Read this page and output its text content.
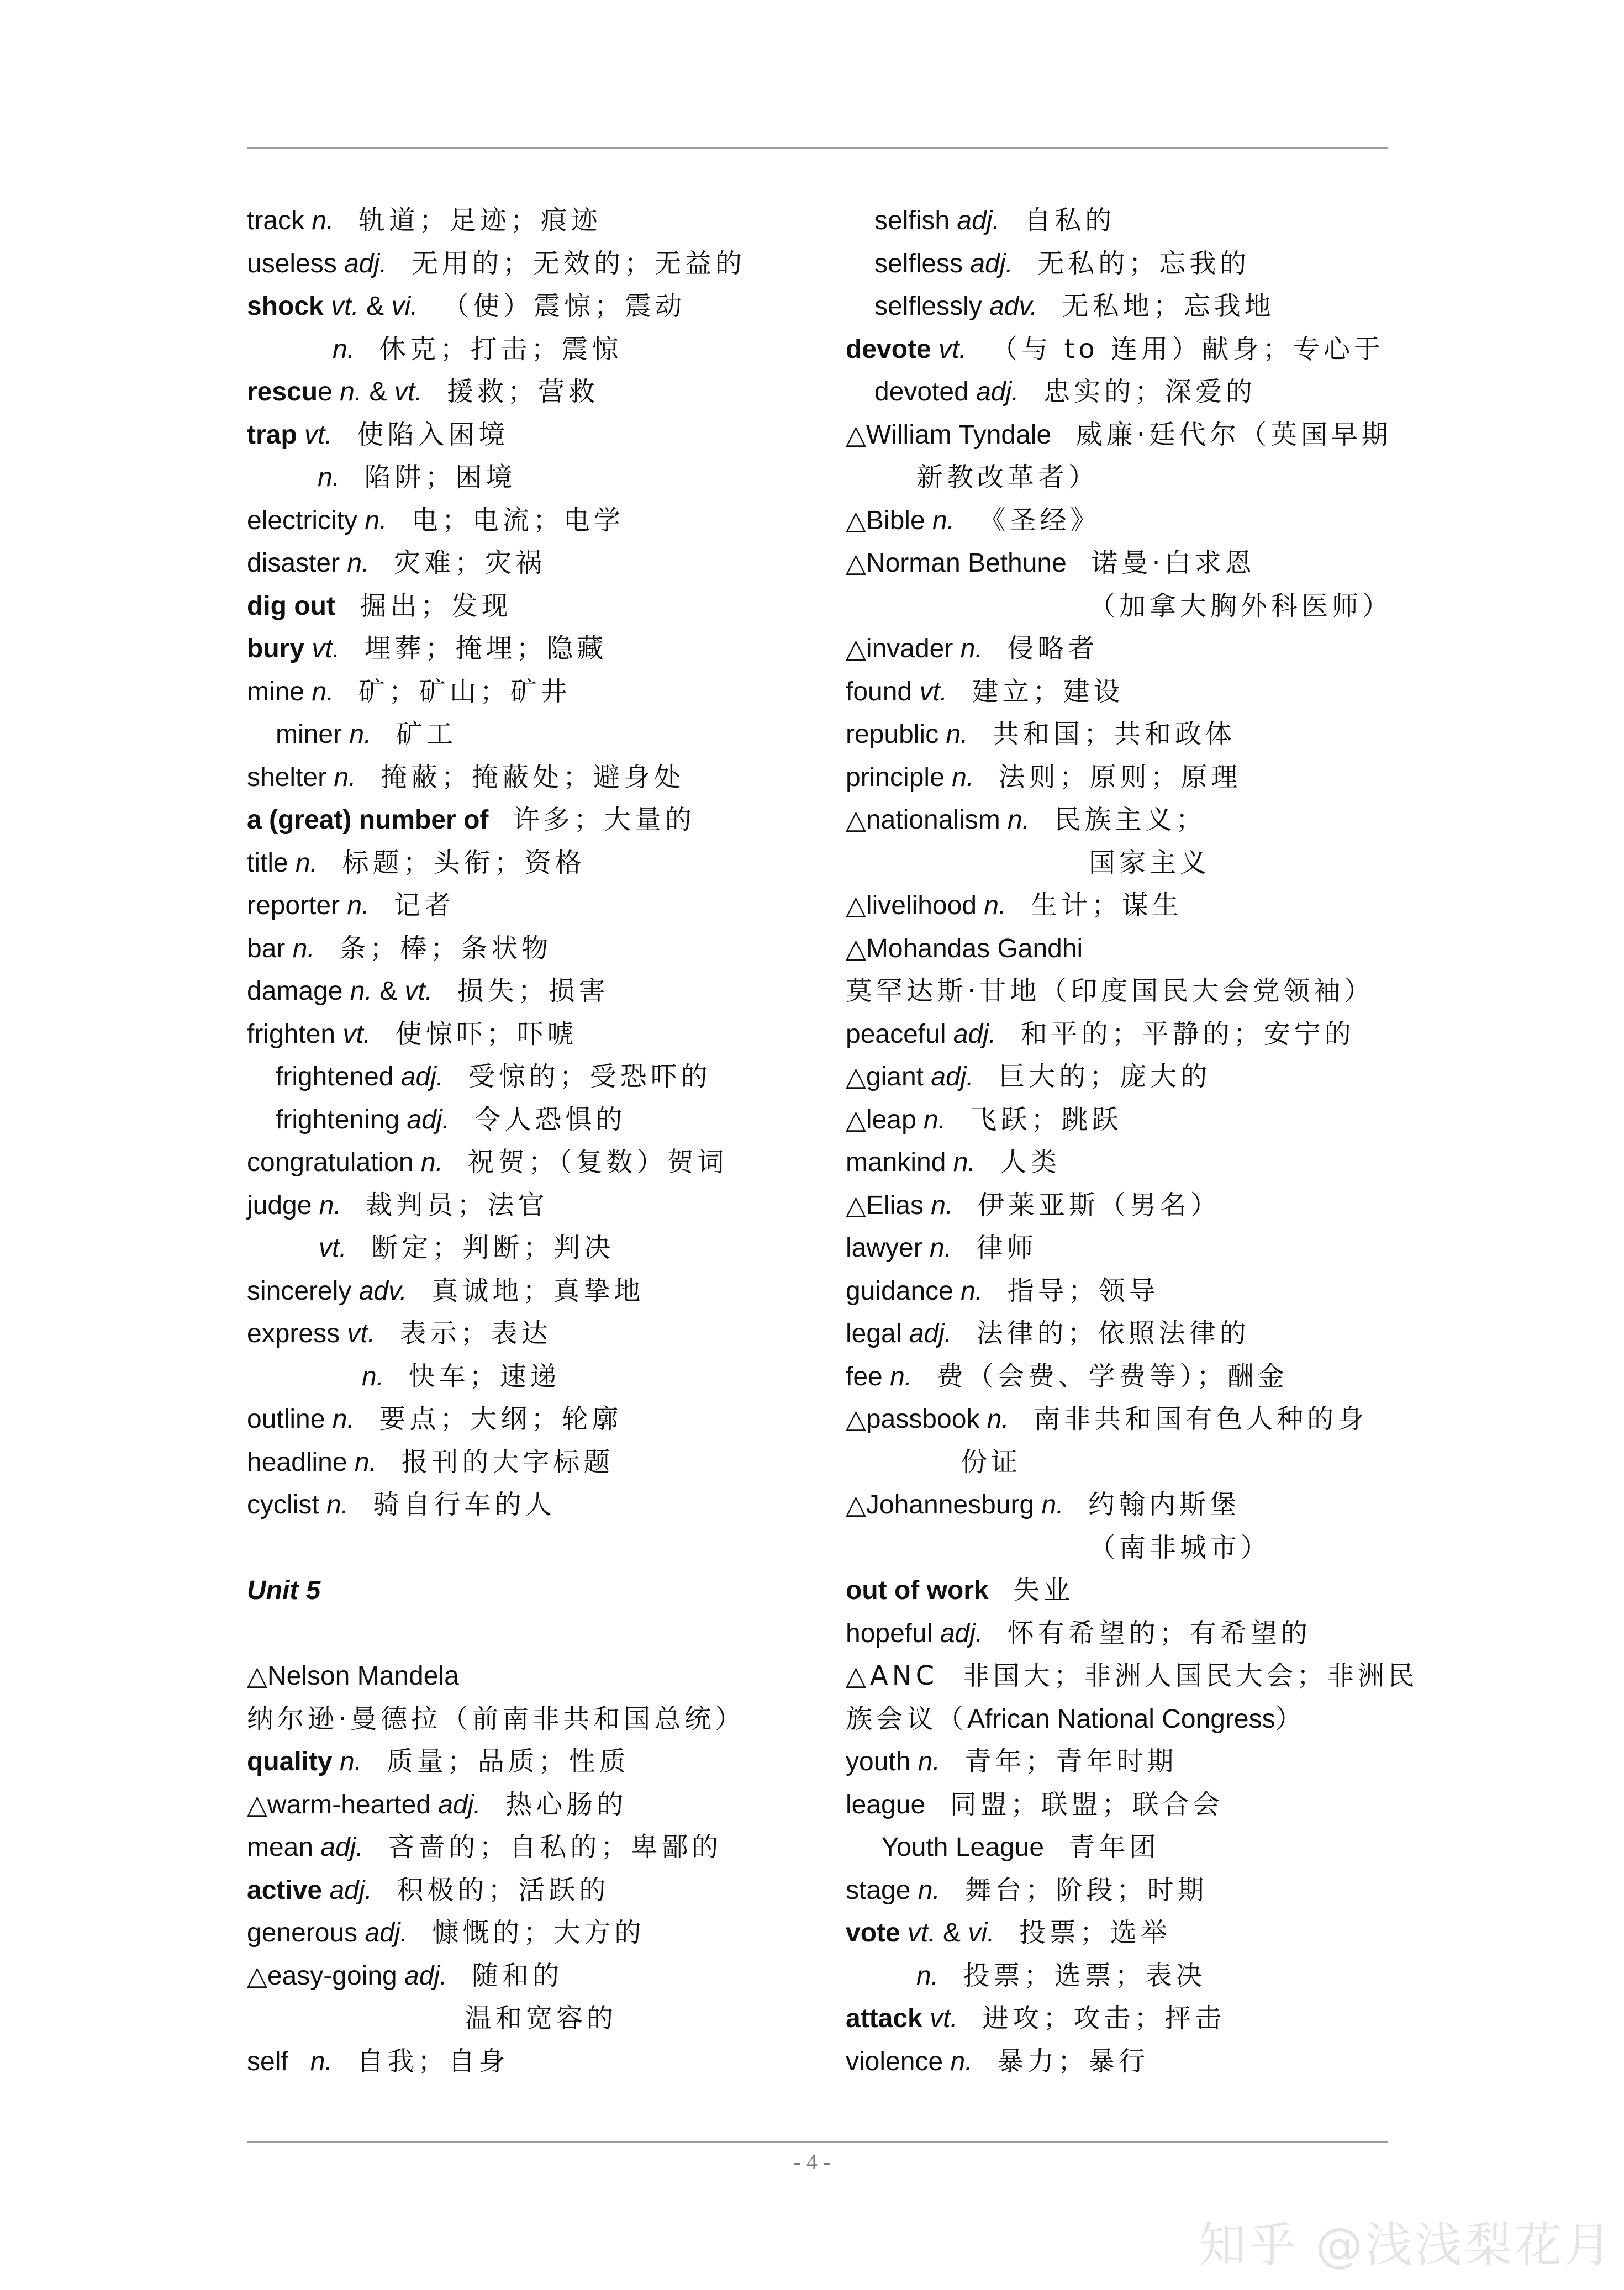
track n.  轨道；足迹；痕迹
useless adj.  无用的；无效的；无益的
shock vt. & vi.  （使）震惊；震动
n.  休克；打击；震惊
rescue n. & vt.  援救；营救
trap vt.  使陷入困境
n.  陷阱；困境
electricity n.  电；电流；电学
disaster n.  灾难；灾祸
dig out  掘出；发现
bury vt.  埋葬；掩埋；隐藏
mine n.  矿；矿山；矿井
miner n.  矿工
shelter n.  掩蔽；掩蔽处；避身处
a (great) number of  许多；大量的
title n.  标题；头衔；资格
reporter n.  记者
bar n.  条；棒；条状物
damage n. & vt.  损失；损害
frighten vt.  使惊吓；吓唬
frightened adj.  受惊的；受恐吓的
frightening adj.  令人恐惧的
congratulation n.  祝贺；（复数）贺词
judge n.  裁判员；法官
vt.  断定；判断；判决
sincerely adv.  真诚地；真挚地
express vt.  表示；表达
n.  快车；速递
outline n.  要点；大纲；轮廓
headline n.  报刊的大字标题
cyclist n.  骑自行车的人
Unit 5
△Nelson Mandela
纳尔逊·曼德拉（前南非共和国总统）
quality n.  质量；品质；性质
△warm-hearted adj.  热心肠的
mean adj.  吝啬的；自私的；卑鄙的
active adj.  积极的；活跃的
generous adj.  慷慨的；大方的
△easy-going adj.  随和的
温和宽容的
self   n.  自我；自身
selfish adj.  自私的
selfless adj.  无私的；忘我的
selflessly adv.  无私地；忘我地
devote vt.  （与 to 连用）献身；专心于
devoted adj.  忠实的；深爱的
△William Tyndale  威廉·廷代尔（英国早期
新教改革者）
△Bible n.  《圣经》
△Norman Bethune  诺曼·白求恩
（加拿大胸外科医师）
△invader n.  侵略者
found vt.  建立；建设
republic n.  共和国；共和政体
principle n.  法则；原则；原理
△nationalism n.  民族主义；
国家主义
△livelihood n.  生计；谋生
△Mohandas Gandhi
莫罕达斯·甘地（印度国民大会党领袖）
peaceful adj.  和平的；平静的；安宁的
△giant adj.  巨大的；庞大的
△leap n.  飞跃；跳跃
mankind n.  人类
△Elias n.  伊莱亚斯（男名）
lawyer n.  律师
guidance n.  指导；领导
legal adj.  法律的；依照法律的
fee n.  费（会费、学费等）；酬金
△passbook n.  南非共和国有色人种的身
份证
△Johannesburg n.  约翰内斯堡
（南非城市）
out of work  失业
hopeful adj.  怀有希望的；有希望的
△ANC  非国大；非洲人国民大会；非洲民
族会议（African National Congress）
youth n.  青年；青年时期
league  同盟；联盟；联合会
Youth League  青年团
stage n.  舞台；阶段；时期
vote vt. & vi.  投票；选举
n.  投票；选票；表决
attack vt.  进攻；攻击；抨击
violence n.  暴力；暴行
- 4 -
知乎 @浅浅梨花月
